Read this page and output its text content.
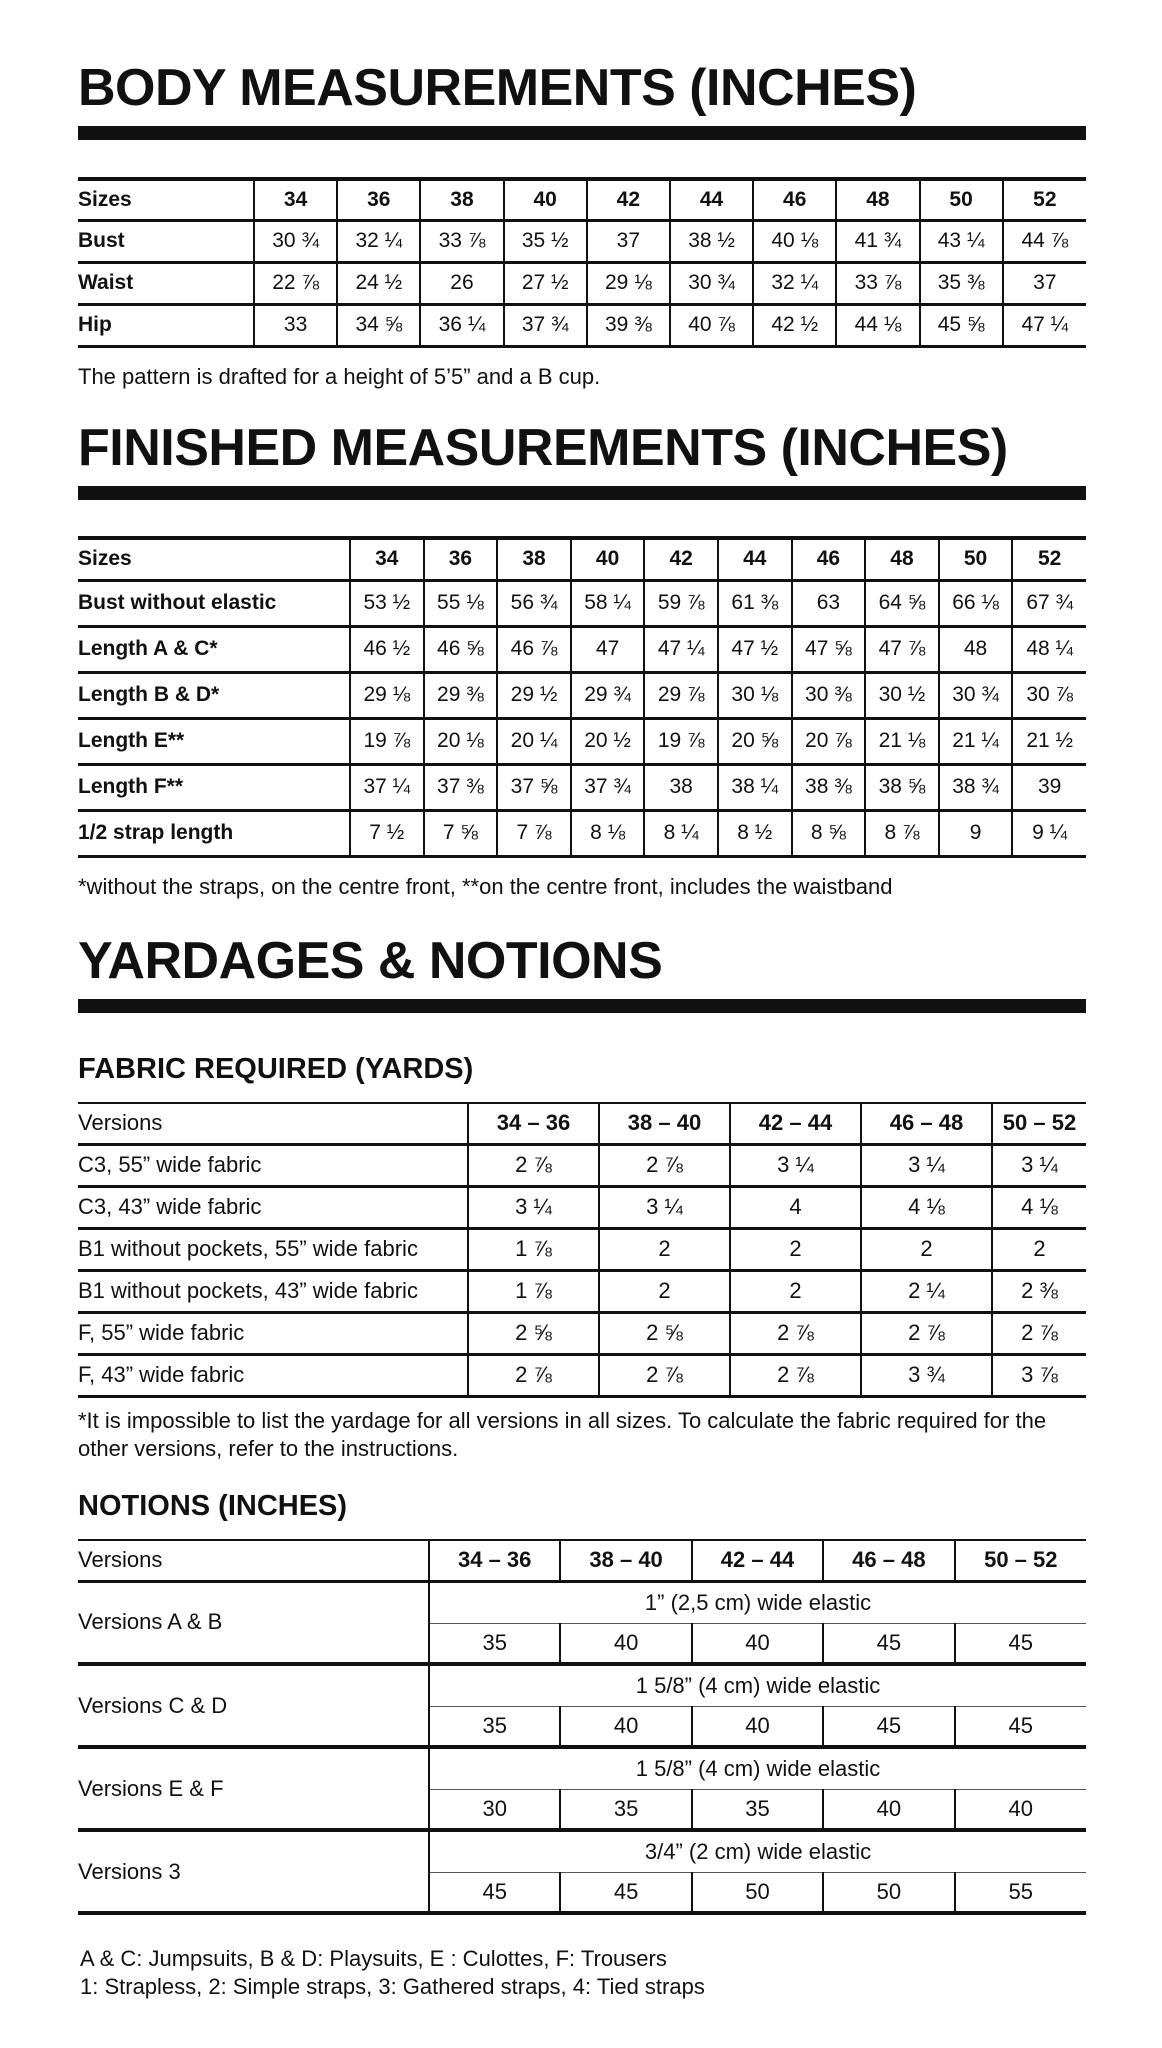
BODY MEASUREMENTS (INCHES)
Sizes	34	36	38	40	42	44	46	48	50	52
Bust	30 ¾	32 ¼	33 ⅞	35 ½	37	38 ½	40 ⅛	41 ¾	43 ¼	44 ⅞
Waist	22 ⅞	24 ½	26	27 ½	29 ⅛	30 ¾	32 ¼	33 ⅞	35 ⅜	37
Hip	33	34 ⅝	36 ¼	37 ¾	39 ⅜	40 ⅞	42 ½	44 ⅛	45 ⅝	47 ¼

The pattern is drafted for a height of 5’5” and a B cup.

FINISHED MEASUREMENTS (INCHES)
Sizes	34	36	38	40	42	44	46	48	50	52
Bust without elastic	53 ½	55 ⅛	56 ¾	58 ¼	59 ⅞	61 ⅜	63	64 ⅝	66 ⅛	67 ¾
Length A & C*	46 ½	46 ⅝	46 ⅞	47	47 ¼	47 ½	47 ⅝	47 ⅞	48	48 ¼
Length B & D*	29 ⅛	29 ⅜	29 ½	29 ¾	29 ⅞	30 ⅛	30 ⅜	30 ½	30 ¾	30 ⅞
Length E**	19 ⅞	20 ⅛	20 ¼	20 ½	19 ⅞	20 ⅝	20 ⅞	21 ⅛	21 ¼	21 ½
Length F**	37 ¼	37 ⅜	37 ⅝	37 ¾	38	38 ¼	38 ⅜	38 ⅝	38 ¾	39
1/2 strap length	7 ½	7 ⅝	7 ⅞	8 ⅛	8 ¼	8 ½	8 ⅝	8 ⅞	9	9 ¼

*without the straps, on the centre front, **on the centre front, includes the waistband

YARDAGES & NOTIONS
FABRIC REQUIRED (YARDS)
Versions	34 – 36	38 – 40	42 – 44	46 – 48	50 – 52
C3, 55” wide fabric	2 ⅞	2 ⅞	3 ¼	3 ¼	3 ¼
C3, 43” wide fabric	3 ¼	3 ¼	4	4 ⅛	4 ⅛
B1 without pockets, 55” wide fabric	1 ⅞	2	2	2	2
B1 without pockets, 43” wide fabric	1 ⅞	2	2	2 ¼	2 ⅜
F, 55” wide fabric	2 ⅝	2 ⅝	2 ⅞	2 ⅞	2 ⅞
F, 43” wide fabric	2 ⅞	2 ⅞	2 ⅞	3 ¾	3 ⅞

*It is impossible to list the yardage for all versions in all sizes. To calculate the fabric required for the other versions, refer to the instructions.

NOTIONS (INCHES)
Versions	34 – 36	38 – 40	42 – 44	46 – 48	50 – 52
Versions A & B	1” (2,5 cm) wide elastic				
	35	40	40	45	45
Versions C & D	1 5/8” (4 cm) wide elastic				
	35	40	40	45	45
Versions E & F	1 5/8” (4 cm) wide elastic				
	30	35	35	40	40
Versions 3	3/4” (2 cm) wide elastic				
	45	45	50	50	55

A & C: Jumpsuits, B & D: Playsuits, E : Culottes, F: Trousers

1: Strapless, 2: Simple straps, 3: Gathered straps, 4: Tied straps
